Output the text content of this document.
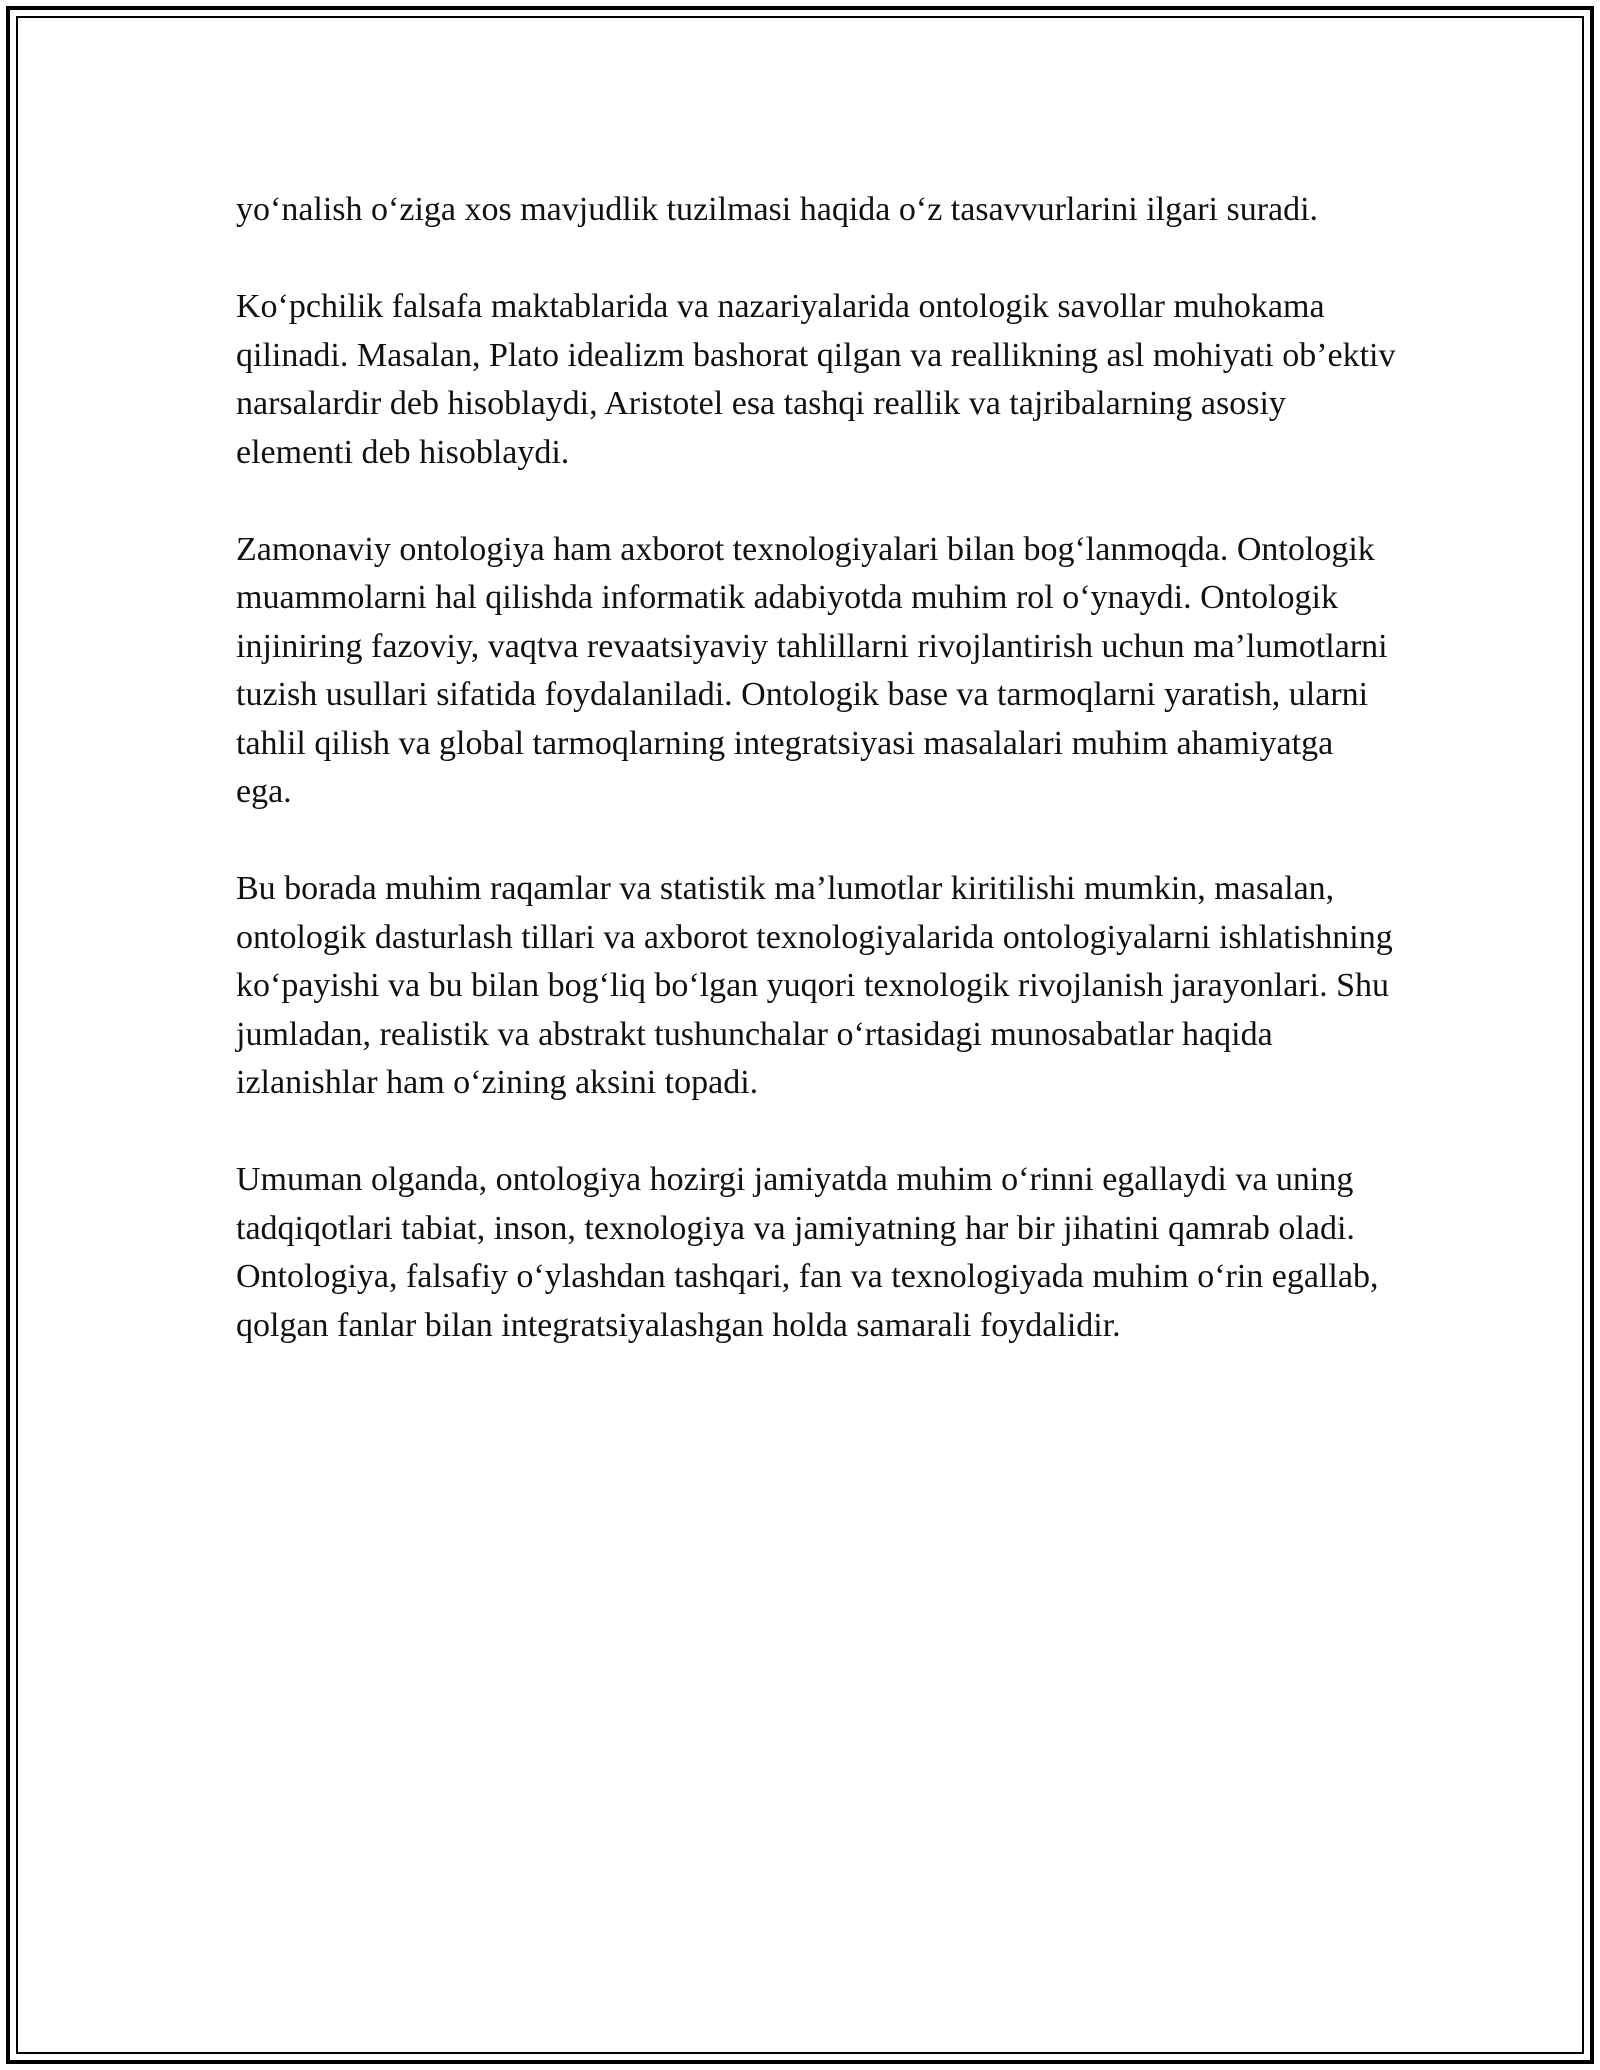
yo‘nalish o‘ziga xos mavjudlik tuzilmasi haqida o‘z tasavvurlarini ilgari suradi.

Ko‘pchilik falsafa maktablarida va nazariyalarida ontologik savollar muhokama qilinadi. Masalan, Plato idealizm bashorat qilgan va reallikning asl mohiyati ob’ektiv narsalardir deb hisoblaydi, Aristotel esa tashqi reallik va tajribalarning asosiy elementi deb hisoblaydi.

Zamonaviy ontologiya ham axborot texnologiyalari bilan bog‘lanmoqda. Ontologik muammolarni hal qilishda informatik adabiyotda muhim rol o‘ynaydi. Ontologik injiniring fazoviy, vaqtva revaatsiyaviy tahlillarni rivojlantirish uchun ma’lumotlarni tuzish usullari sifatida foydalaniladi. Ontologik base va tarmoqlarni yaratish, ularni tahlil qilish va global tarmoqlarning integratsiyasi masalalari muhim ahamiyatga ega.

Bu borada muhim raqamlar va statistik ma’lumotlar kiritilishi mumkin, masalan, ontologik dasturlash tillari va axborot texnologiyalarida ontologiyalarni ishlatishning ko‘payishi va bu bilan bog‘liq bo‘lgan yuqori texnologik rivojlanish jarayonlari. Shu jumladan, realistik va abstrakt tushunchalar o‘rtasidagi munosabatlar haqida izlanishlar ham o‘zining aksini topadi.

Umuman olganda, ontologiya hozirgi jamiyatda muhim o‘rinni egallaydi va uning tadqiqotlari tabiat, inson, texnologiya va jamiyatning har bir jihatini qamrab oladi. Ontologiya, falsafiy o‘ylashdan tashqari, fan va texnologiyada muhim o‘rin egallab, qolgan fanlar bilan integratsiyalashgan holda samarali foydalidir.
